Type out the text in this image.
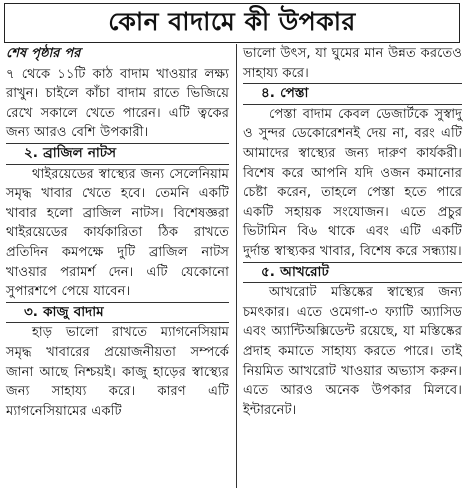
কোন বাদামে কী উপকার
শেষ পৃষ্ঠার পর

৭ থেকে ১১টি কাঠ বাদাম খাওয়ার লক্ষ্য রাখুন। চাইলে কাঁচা বাদাম রাতে ভিজিয়ে রেখে সকালে খেতে পারেন। এটি ত্বকের জন্য আরও বেশি উপকারী।

২. ব্রাজিল নাটস

থাইরয়েডের স্বাস্থ্যের জন্য সেলেনিয়াম সমৃদ্ধ খাবার খেতে হবে। তেমনি একটি খাবার হলো ব্রাজিল নাটস। বিশেষজ্ঞরা থাইরয়েডের কার্যকারিতা ঠিক রাখতে প্রতিদিন কমপক্ষে দুটি ব্রাজিল নাটস খাওয়ার পরামর্শ দেন। এটি যেকোনো সুপারশপে পেয়ে যাবেন।

৩. কাজু বাদাম

হাড় ভালো রাখতে ম্যাগনেসিয়াম সমৃদ্ধ খাবারের প্রয়োজনীয়তা সম্পর্কে জানা আছে নিশ্চয়ই। কাজু হাড়ের স্বাস্থ্যের জন্য সাহায্য করে। কারণ এটি ম্যাগনেসিয়ামের একটি

ভালো উৎস, যা ঘুমের মান উন্নত করতেও সাহায্য করে।

৪. পেস্তা

পেস্তা বাদাম কেবল ডেজার্টকে সুস্বাদু ও সুন্দর ডেকোরেশনই দেয় না, বরং এটি আমাদের স্বাস্থ্যের জন্য দারুণ কার্যকরী। বিশেষ করে আপনি যদি ওজন কমানোর চেষ্টা করেন, তাহলে পেস্তা হতে পারে একটি সহায়ক সংযোজন। এতে প্রচুর ভিটামিন বি৬ থাকে এবং এটি একটি দুর্দান্ত স্বাস্থ্যকর খাবার, বিশেষ করে সন্ধ্যায়।

৫. আখরোট

আখরোট মস্তিষ্কের স্বাস্থ্যের জন্য চমৎকার। এতে ওমেগা-৩ ফ্যাটি অ্যাসিড এবং অ্যান্টিঅক্সিডেন্ট রয়েছে, যা মস্তিষ্কের প্রদাহ কমাতে সাহায্য করতে পারে। তাই নিয়মিত আখরোট খাওয়ার অভ্যাস করুন। এতে আরও অনেক উপকার মিলবে। ইন্টারনেট।
